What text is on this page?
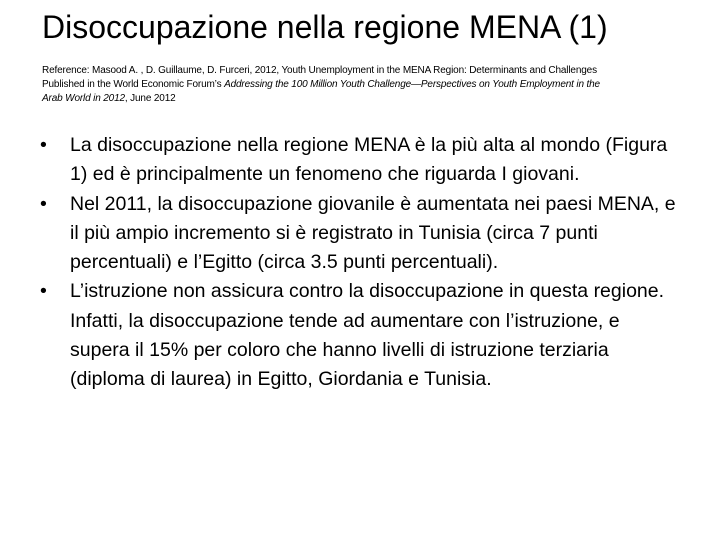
Disoccupazione nella regione MENA (1)
Reference: Masood A. , D. Guillaume, D. Furceri, 2012, Youth Unemployment in the MENA Region: Determinants and Challenges
Published in the World Economic Forum’s Addressing the 100 Million Youth Challenge—Perspectives on Youth Employment in the
Arab World in 2012, June 2012
• La disoccupazione nella regione MENA è la più alta al mondo (Figura 1) ed è principalmente un fenomeno che riguarda I giovani.
• Nel 2011, la disoccupazione giovanile è aumentata nei paesi MENA, e il più ampio incremento si è registrato in Tunisia (circa 7 punti percentuali) e l’Egitto (circa 3.5 punti percentuali).
• L’istruzione non assicura contro la disoccupazione in questa regione. Infatti, la disoccupazione tende ad aumentare con l’istruzione, e supera il 15% per coloro che hanno livelli di istruzione terziaria (diploma di laurea) in Egitto, Giordania e Tunisia.
